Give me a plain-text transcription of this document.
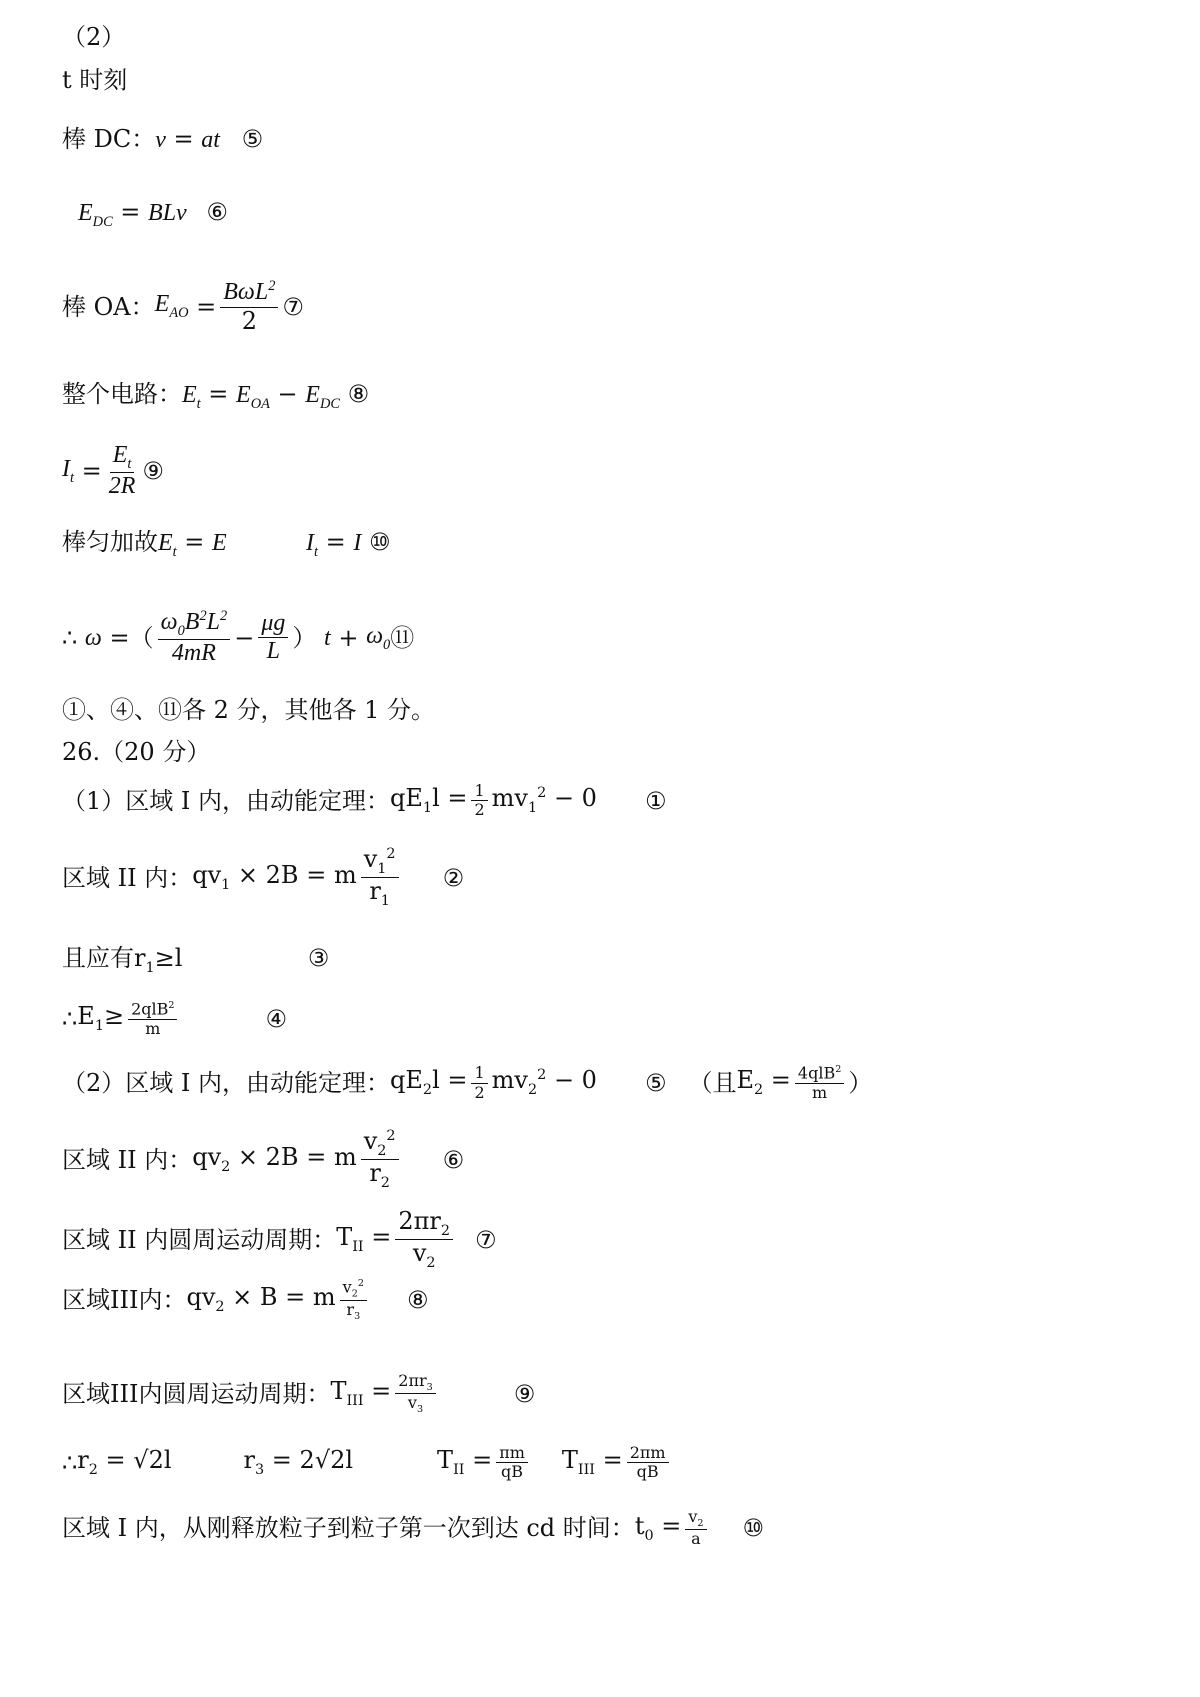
（2）
t 时刻
棒 DC：v = at ⑤
$E_{DC}$ = BLv ⑥
棒 OA： $E_{AO} = \frac{B\omega L^2}{2}$ ⑦
整个电路：$E_t = E_{OA} - E_{DC}$ ⑧
$I_t = \frac{E_t}{2R}$ ⑨
棒匀加故$E_t = E$	$I_t = I$ ⑩
∴
ω =（ $\frac{\omega_0B^2L^2}{4mR} - \frac{\mu g}{L}$ ） $t + \omega_0$ ⑪
①、④、⑪各 2 分，其他各 1 分。
26.（20 分）
（1）区域 I 内，由动能定理： $qE_1l = \frac{1}{2} mv_1^2 - 0$ ①
区域 II 内： $qv_1 \times 2B = m \frac{v_1^2}{r_1}$ ②
且应有$r_1\ge l$	③
∴ $E_1\ge \frac{2qlB^2}{m}$	④
（2）区域 I 内，由动能定理： $qE_2l = \frac{1}{2} mv_2^2 - 0$ ⑤ （且 $E_2 = \frac{4qlB^2}{m}$ ）
区域 II 内： $qv_2 \times 2B = m \frac{v_2^2}{r_2}$ ⑥
区域 II 内圆周运动周期： $T_{II} = \frac{2\pi r_2}{v_2}$ ⑦
区域III内： $qv_2 \times B = m \frac{v_2^2}{r_3}$ ⑧
区域III内圆周运动周期： $T_{III} = \frac{2\pi r_3}{v_3}$	⑨
∴ $r_2 = √2l$	$r_3 = 2√2l$	$T_{II} = \frac{\pi m}{qB} T_{III} = \frac{2\pi m}{qB}$
区域 I 内，从刚释放粒子到粒子第一次到达 cd 时间： $t_0 = \frac{v_2}{a}$ ⑩
